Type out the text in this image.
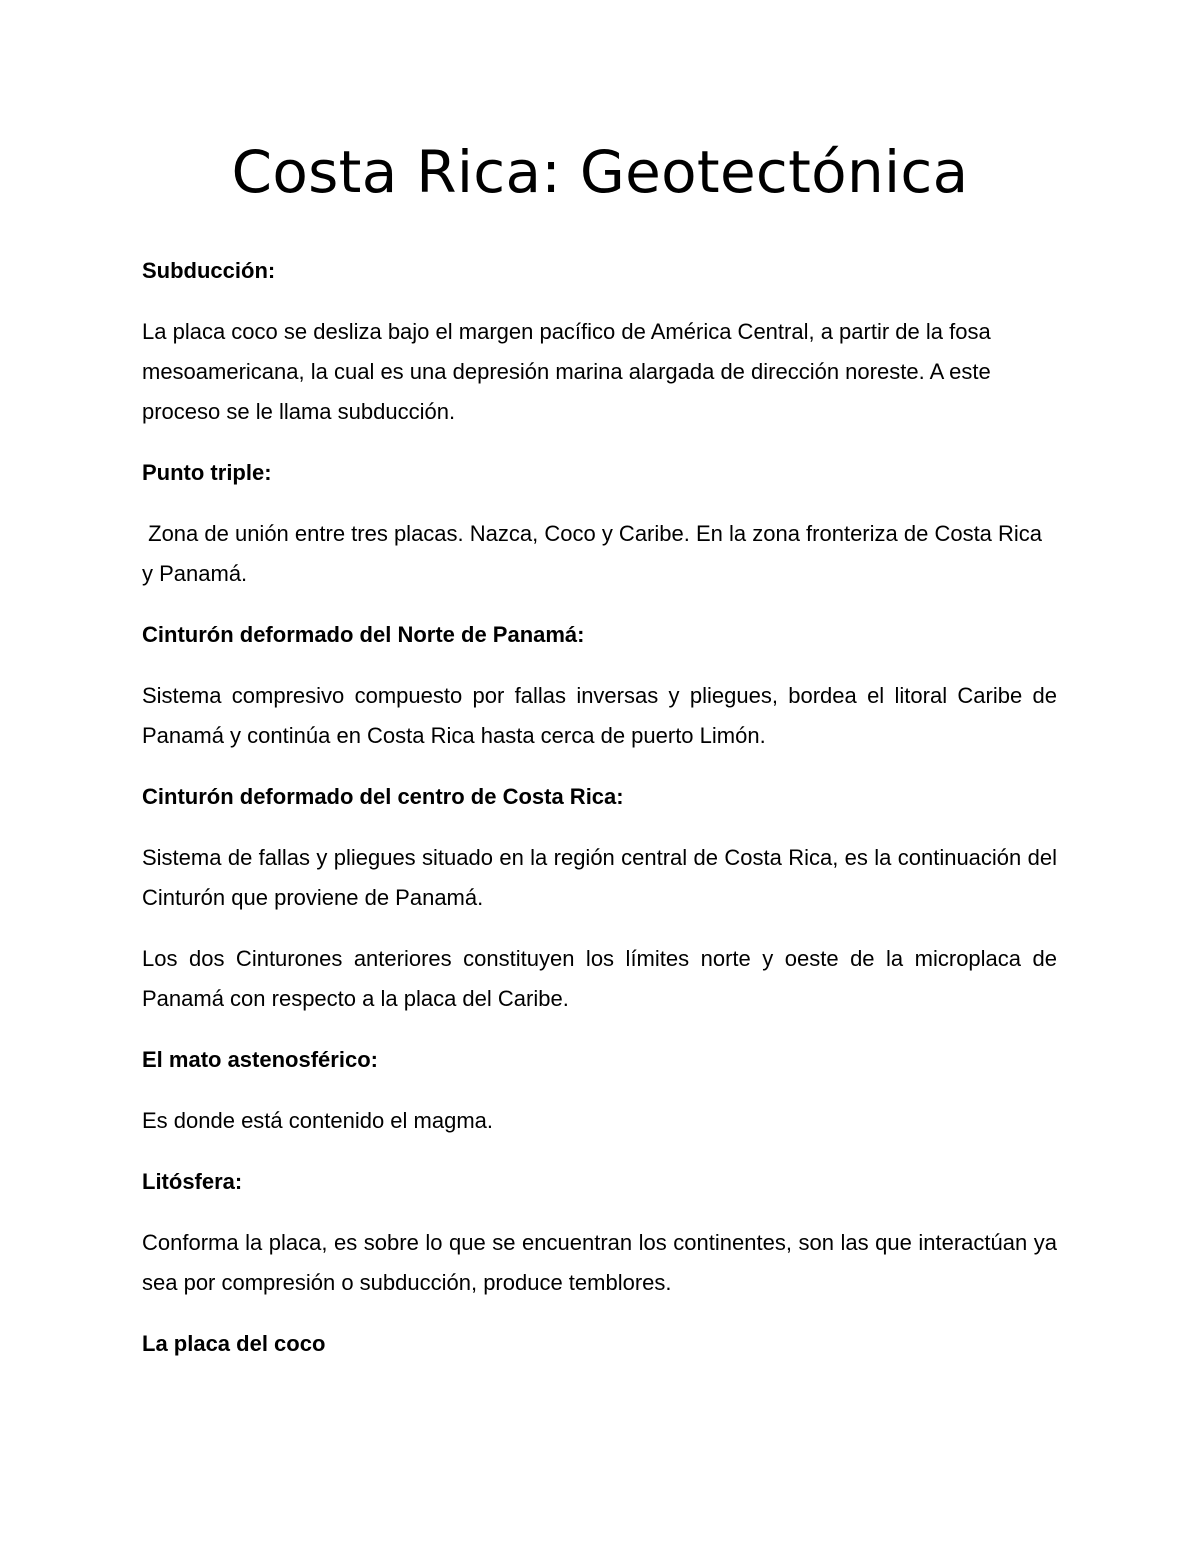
Costa Rica: Geotectónica

Subducción:

La placa coco se desliza bajo el margen pacífico de América Central, a partir de la fosa mesoamericana, la cual es una depresión marina alargada de dirección noreste. A este proceso se le llama subducción.

Punto triple:

Zona de unión entre tres placas. Nazca, Coco y Caribe. En la zona fronteriza de Costa Rica y Panamá.

Cinturón deformado del Norte de Panamá:

Sistema compresivo compuesto por fallas inversas y pliegues, bordea el litoral Caribe de Panamá y continúa en Costa Rica hasta cerca de puerto Limón.

Cinturón deformado del centro de Costa Rica:

Sistema de fallas y pliegues situado en la región central de Costa Rica, es la continuación del Cinturón que proviene de Panamá.

Los dos Cinturones anteriores constituyen los límites norte y oeste de la microplaca de Panamá con respecto a la placa del Caribe.

El mato astenosférico:

Es donde está contenido el magma.

Litósfera:

Conforma la placa, es sobre lo que se encuentran los continentes, son las que interactúan ya sea por compresión o subducción, produce temblores.

La placa del coco
